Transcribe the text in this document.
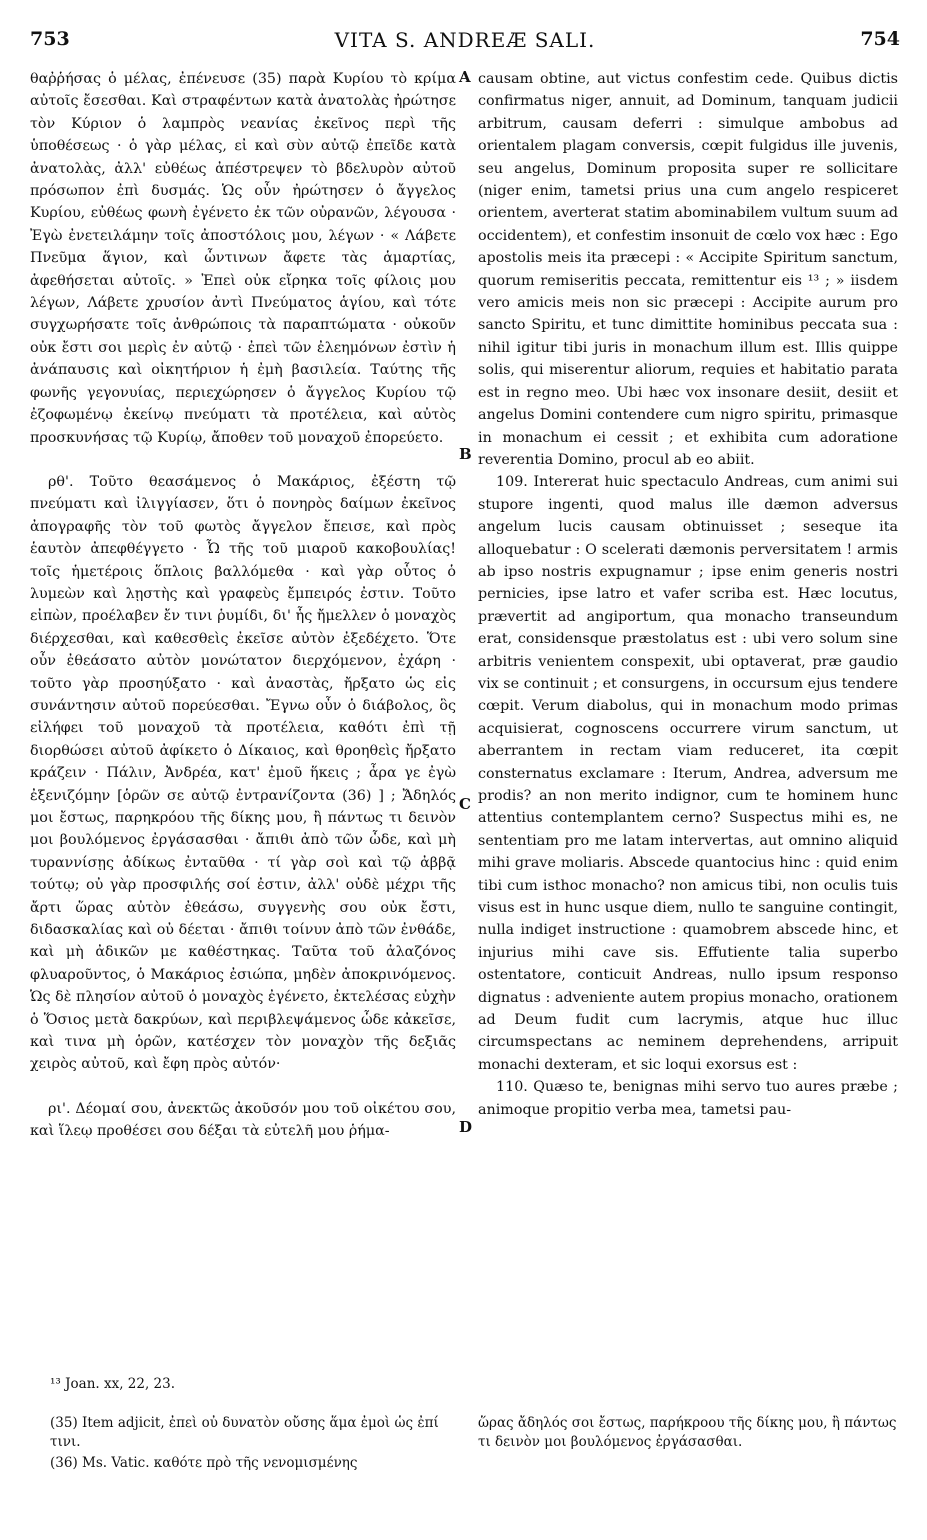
753	VITA S. ANDREÆ SALI.	754

θαῤῥήσας ὁ μέλας, ἐπένευσε (35) παρὰ Κυρίου τὸ κρίμα αὐτοῖς ἔσεσθαι. Καὶ στραφέντων κατὰ ἀνατολὰς ἠρώτησε τὸν Κύριον ὁ λαμπρὸς νεανίας ἐκεῖνος περὶ τῆς ὑποθέσεως · ὁ γὰρ μέλας, εἰ καὶ σὺν αὐτῷ ἐπεῖδε κατὰ ἀνατολὰς, ἀλλ' εὐθέως ἀπέστρεψεν τὸ βδελυρὸν αὐτοῦ πρόσωπον ἐπὶ δυσμάς. Ὡς οὖν ἠρώτησεν ὁ ἄγγελος Κυρίου, εὐθέως φωνὴ ἐγένετο ἐκ τῶν οὐρανῶν, λέγουσα · Ἐγὼ ἐνετειλάμην τοῖς ἀποστόλοις μου, λέγων · « Λάβετε Πνεῦμα ἅγιον, καὶ ὧντινων ἄφετε τὰς ἁμαρτίας, ἀφεθήσεται αὐτοῖς. » Ἐπεὶ οὐκ εἴρηκα τοῖς φίλοις μου λέγων, Λάβετε χρυσίον ἀντὶ Πνεύματος ἁγίου, καὶ τότε συγχωρήσατε τοῖς ἀνθρώποις τὰ παραπτώματα · οὐκοῦν οὐκ ἔστι σοι μερὶς ἐν αὐτῷ · ἐπεὶ τῶν ἐλεημόνων ἐστὶν ἡ ἀνάπαυσις καὶ οἰκητήριον ἡ ἐμὴ βασιλεία. Ταύτης τῆς φωνῆς γεγονυίας, περιεχώρησεν ὁ ἄγγελος Κυρίου τῷ ἐζοφωμένῳ ἐκείνῳ πνεύματι τὰ προτέλεια, καὶ αὐτὸς προσκυνήσας τῷ Κυρίῳ, ἄποθεν τοῦ μοναχοῦ ἐπορεύετο.

ρθ'. Τοῦτο θεασάμενος ὁ Μακάριος, ἐξέστη τῷ πνεύματι καὶ ἰλιγγίασεν, ὅτι ὁ πονηρὸς δαίμων ἐκεῖνος ἀπογραφῆς τὸν τοῦ φωτὸς ἄγγελον ἔπεισε, καὶ πρὸς ἑαυτὸν ἀπεφθέγγετο · Ὦ τῆς τοῦ μιαροῦ κακοβουλίας! τοῖς ἡμετέροις ὅπλοις βαλλόμεθα · καὶ γὰρ οὗτος ὁ λυμεὼν καὶ λῃστὴς καὶ γραφεὺς ἔμπειρός ἐστιν. Τοῦτο εἰπὼν, προέλαβεν ἔν τινι ῥυμίδι, δι' ἧς ἤμελλεν ὁ μοναχὸς διέρχεσθαι, καὶ καθεσθεὶς ἐκεῖσε αὐτὸν ἐξεδέχετο. Ὅτε οὖν ἐθεάσατο αὐτὸν μονώτατον διερχόμενον, ἐχάρη · τοῦτο γὰρ προσηύξατο · καὶ ἀναστὰς, ἤρξατο ὡς εἰς συνάντησιν αὐτοῦ πορεύεσθαι. Ἔγνω οὖν ὁ διάβολος, ὃς εἰλήφει τοῦ μοναχοῦ τὰ προτέλεια, καθότι ἐπὶ τῇ διορθώσει αὐτοῦ ἀφίκετο ὁ Δίκαιος, καὶ θροηθεὶς ἤρξατο κράζειν · Πάλιν, Ἀνδρέα, κατ' ἐμοῦ ἥκεις ; ἆρα γε ἐγὼ ἐξενιζόμην [ὁρῶν σε αὐτῷ ἐντρανίζοντα (36) ] ; Ἄδηλός μοι ἔστως, παρηκρόου τῆς δίκης μου, ἢ πάντως τι δεινὸν μοι βουλόμενος ἐργάσασθαι · ἄπιθι ἀπὸ τῶν ὧδε, καὶ μὴ τυραννίσῃς ἀδίκως ἐνταῦθα · τί γὰρ σοὶ καὶ τῷ ἀββᾷ τούτῳ; οὐ γὰρ προσφιλής σοί ἐστιν, ἀλλ' οὐδὲ μέχρι τῆς ἄρτι ὥρας αὐτὸν ἐθεάσω, συγγενὴς σου οὐκ ἔστι, διδασκαλίας καὶ οὐ δέεται · ἄπιθι τοίνυν ἀπὸ τῶν ἐνθάδε, καὶ μὴ ἀδικῶν με καθέστηκας. Ταῦτα τοῦ ἀλαζόνος φλυαροῦντος, ὁ Μακάριος ἐσιώπα, μηδὲν ἀποκρινόμενος. Ὡς δὲ πλησίον αὐτοῦ ὁ μοναχὸς ἐγένετο, ἐκτελέσας εὐχὴν ὁ Ὅσιος μετὰ δακρύων, καὶ περιβλεψάμενος ὧδε κἀκεῖσε, καὶ τινα μὴ ὁρῶν, κατέσχεν τὸν μοναχὸν τῆς δεξιᾶς χειρὸς αὐτοῦ, καὶ ἔφη πρὸς αὐτόν·

ρι'. Δέομαί σου, ἀνεκτῶς ἀκοῦσόν μου τοῦ οἰκέτου σου, καὶ ἵλεῳ προθέσει σου δέξαι τὰ εὐτελῆ μου ῥήμα-

causam obtine, aut victus confestim cede. Quibus dictis confirmatus niger, annuit, ad Dominum, tanquam judicii arbitrum, causam deferri : simulque ambobus ad orientalem plagam conversis, cœpit fulgidus ille juvenis, seu angelus, Dominum proposita super re sollicitare (niger enim, tametsi prius una cum angelo respiceret orientem, averterat statim abominabilem vultum suum ad occidentem), et confestim insonuit de cœlo vox hæc : Ego apostolis meis ita præcepi : « Accipite Spiritum sanctum, quorum remiseritis peccata, remittentur eis ¹³ ; » iisdem vero amicis meis non sic præcepi : Accipite aurum pro sancto Spiritu, et tunc dimittite hominibus peccata sua : nihil igitur tibi juris in monachum illum est. Illis quippe solis, qui miserentur aliorum, requies et habitatio parata est in regno meo. Ubi hæc vox insonare desiit, desiit et angelus Domini contendere cum nigro spiritu, primasque in monachum ei cessit ; et exhibita cum adoratione reverentia Domino, procul ab eo abiit.

109. Intererat huic spectaculo Andreas, cum animi sui stupore ingenti, quod malus ille dæmon adversus angelum lucis causam obtinuisset ; seseque ita alloquebatur : O scelerati dæmonis perversitatem ! armis ab ipso nostris expugnamur ; ipse enim generis nostri pernicies, ipse latro et vafer scriba est. Hæc locutus, prævertit ad angiportum, qua monacho transeundum erat, considensque præstolatus est : ubi vero solum sine arbitris venientem conspexit, ubi optaverat, præ gaudio vix se continuit ; et consurgens, in occursum ejus tendere cœpit. Verum diabolus, qui in monachum modo primas acquisierat, cognoscens occurrere virum sanctum, ut aberrantem in rectam viam reduceret, ita cœpit consternatus exclamare : Iterum, Andrea, adversum me prodis? an non merito indignor, cum te hominem hunc attentius contemplantem cerno? Suspectus mihi es, ne sententiam pro me latam intervertas, aut omnino aliquid mihi grave moliaris. Abscede quantocius hinc : quid enim tibi cum isthoc monacho? non amicus tibi, non oculis tuis visus est in hunc usque diem, nullo te sanguine contingit, nulla indiget instructione : quamobrem abscede hinc, et injurius mihi cave sis. Effutiente talia superbo ostentatore, conticuit Andreas, nullo ipsum responso dignatus : adveniente autem propius monacho, orationem ad Deum fudit cum lacrymis, atque huc illuc circumspectans ac neminem deprehendens, arripuit monachi dexteram, et sic loqui exorsus est :

110. Quæso te, benignas mihi servo tuo aures præbe ; animoque propitio verba mea, tametsi pau-

A
B
C
D
¹³ Joan. xx, 22, 23.
(35) Item adjicit, ἐπεὶ οὐ δυνατὸν οὔσης ἅμα ἐμοὶ ὡς ἐπί τινι.
(36) Ms. Vatic. καθότε πρὸ τῆς νενομισμένης
ὥρας ἄδηλός σοι ἔστως, παρήκροου τῆς δίκης μου, ἢ πάντως τι δεινὸν μοι βουλόμενος ἐργάσασθαι.
